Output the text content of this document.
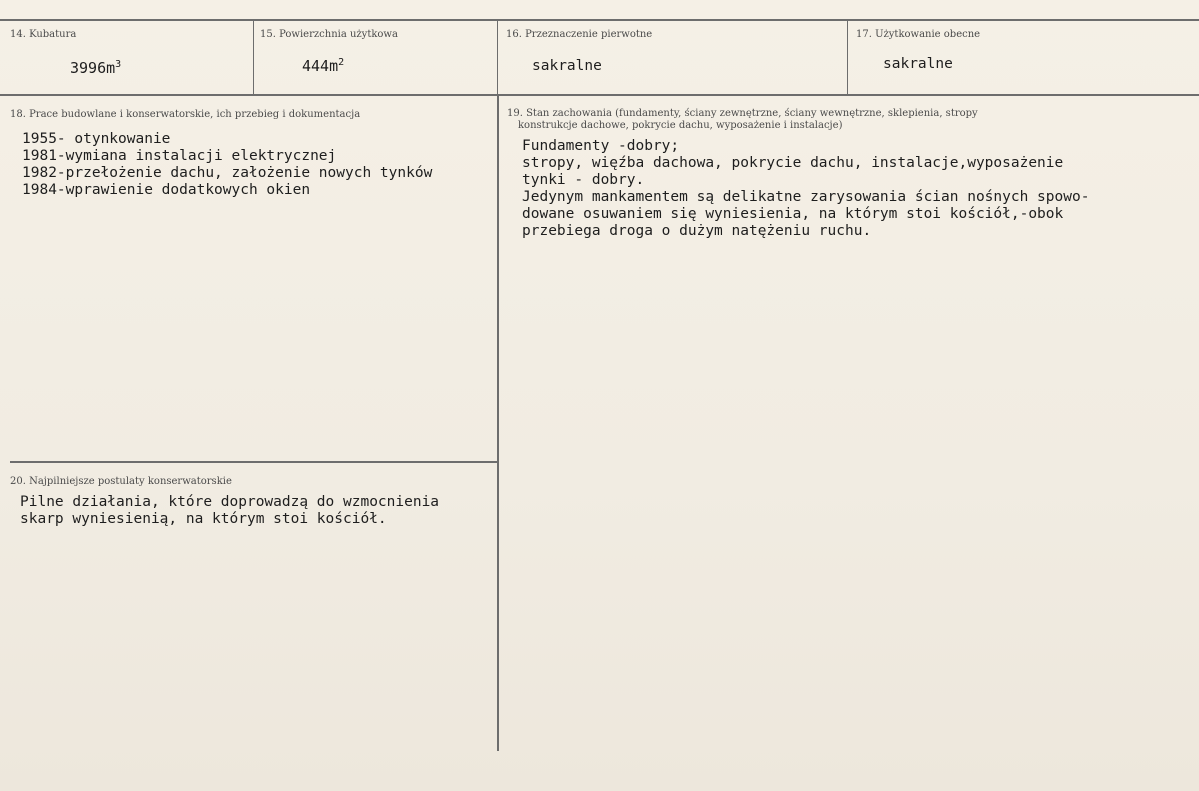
14. Kubatura
$3996m^3$
15. Powierzchnia użytkowa
$444m^2$
16. Przeznaczenie pierwotne
sakralne
17. Użytkowanie obecne
sakralne
18. Prace budowlane i konserwatorskie, ich przebieg i dokumentacja
1955- otynkowanie
1981-wymiana instalacji elektrycznej
1982-przełożenie dachu, założenie nowych tynków
1984-wprawienie dodatkowych okien
19. Stan zachowania (fundamenty, ściany zewnętrzne, ściany wewnętrzne, sklepienia, stropy
konstrukcje dachowe, pokrycie dachu, wyposażenie i instalacje)
Fundamenty -dobry;
stropy, więźba dachowa, pokrycie dachu, instalacje,wyposażenie
tynki - dobry.
Jedynym mankamentem są delikatne zarysowania ścian nośnych spowo-
dowane osuwaniem się wyniesienia, na którym stoi kościół,-obok
przebiega droga o dużym natężeniu ruchu.
20. Najpilniejsze postulaty konserwatorskie
Pilne działania, które doprowadzą do wzmocnienia
skarp wyniesienią, na którym stoi kościół.
